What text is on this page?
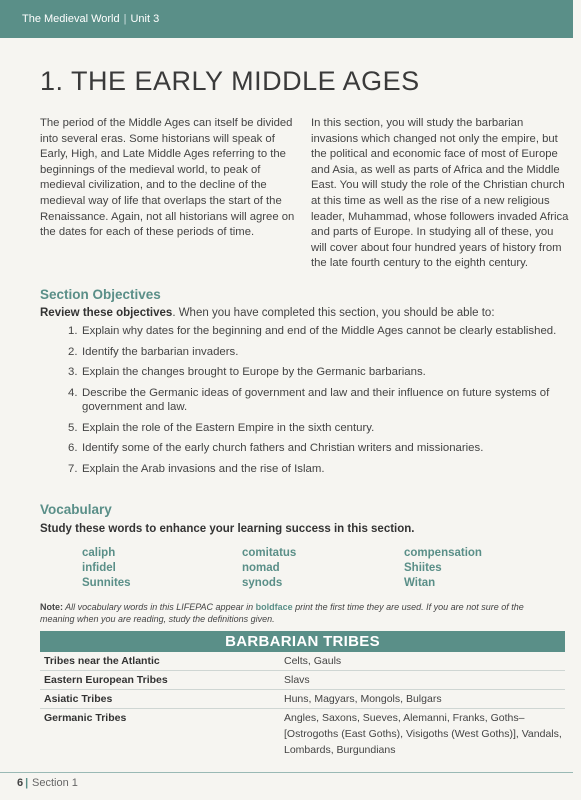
The Medieval World | Unit 3
1. THE EARLY MIDDLE AGES
The period of the Middle Ages can itself be divided into several eras. Some historians will speak of Early, High, and Late Middle Ages referring to the beginnings of the medieval world, to peak of medieval civilization, and to the decline of the medieval way of life that overlaps the start of the Renaissance. Again, not all historians will agree on the dates for each of these periods of time.
In this section, you will study the barbarian invasions which changed not only the empire, but the political and economic face of most of Europe and Asia, as well as parts of Africa and the Middle East. You will study the role of the Christian church at this time as well as the rise of a new religious leader, Muhammad, whose followers invaded Africa and parts of Europe. In studying all of these, you will cover about four hundred years of history from the late fourth century to the eighth century.
Section Objectives
Review these objectives. When you have completed this section, you should be able to:
1. Explain why dates for the beginning and end of the Middle Ages cannot be clearly established.
2. Identify the barbarian invaders.
3. Explain the changes brought to Europe by the Germanic barbarians.
4. Describe the Germanic ideas of government and law and their influence on future systems of government and law.
5. Explain the role of the Eastern Empire in the sixth century.
6. Identify some of the early church fathers and Christian writers and missionaries.
7. Explain the Arab invasions and the rise of Islam.
Vocabulary
Study these words to enhance your learning success in this section.
caliph	comitatus	compensation
infidel	nomad	Shiites
Sunnites	synods	Witan
Note: All vocabulary words in this LIFEPAC appear in boldface print the first time they are used. If you are not sure of the meaning when you are reading, study the definitions given.
BARBARIAN TRIBES
Tribes near the Atlantic	Celts, Gauls
Eastern European Tribes	Slavs
Asiatic Tribes	Huns, Magyars, Mongols, Bulgars
Germanic Tribes	Angles, Saxons, Sueves, Alemanni, Franks, Goths–[Ostrogoths (East Goths), Visigoths (West Goths)], Vandals, Lombards, Burgundians
6 | Section 1
